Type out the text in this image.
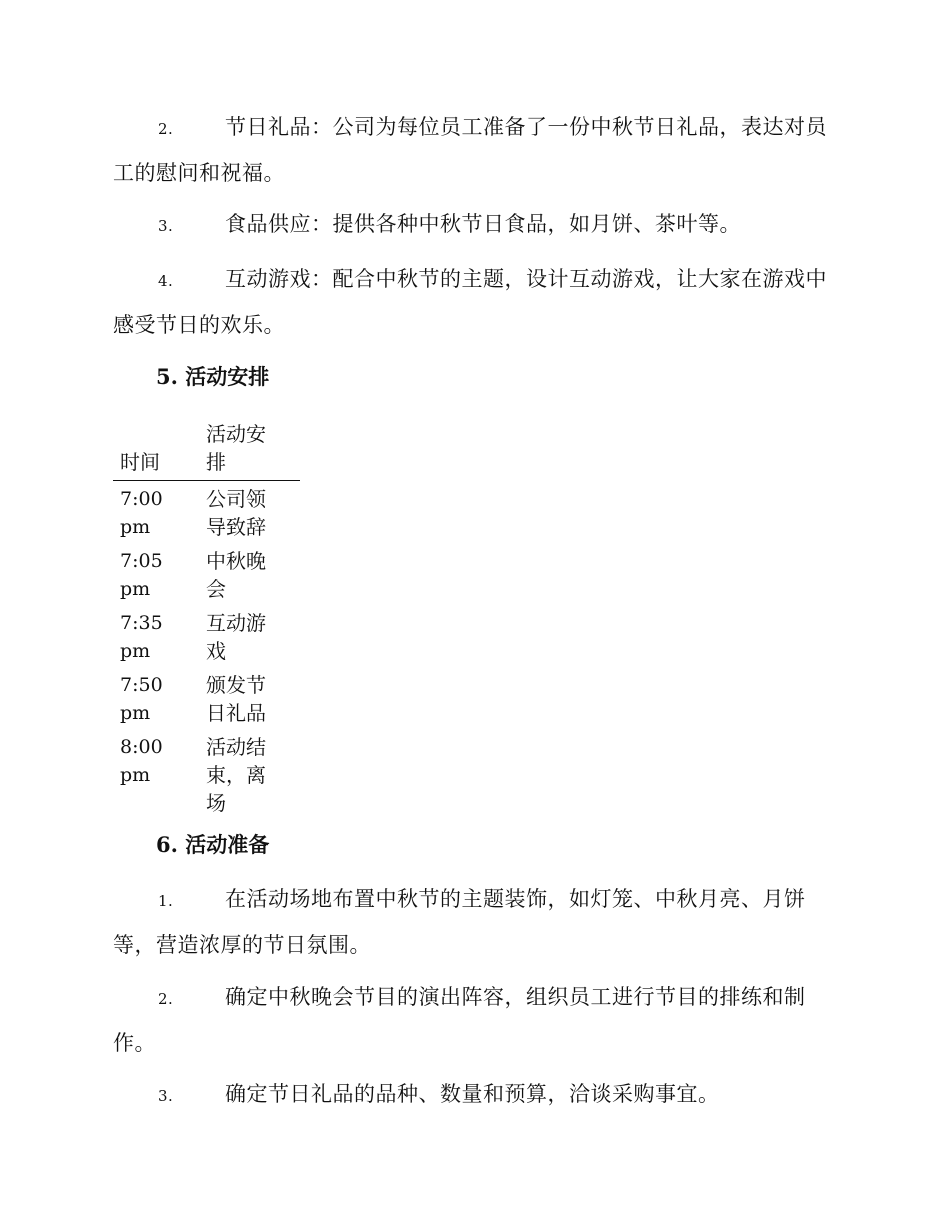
2. 节日礼品：公司为每位员工准备了一份中秋节日礼品，表达对员工的慰问和祝福。
3. 食品供应：提供各种中秋节日食品，如月饼、茶叶等。
4. 互动游戏：配合中秋节的主题，设计互动游戏，让大家在游戏中感受节日的欢乐。
5. 活动安排
时间	活动安排

7:00pm	公司领导致辞

7:05pm	中秋晚会

7:35pm	互动游戏

7:50pm	颁发节日礼品

8:00pm	活动结束，离场
6. 活动准备
1. 在活动场地布置中秋节的主题装饰，如灯笼、中秋月亮、月饼等，营造浓厚的节日氛围。
2. 确定中秋晚会节目的演出阵容，组织员工进行节目的排练和制作。
3. 确定节日礼品的品种、数量和预算，洽谈采购事宜。
